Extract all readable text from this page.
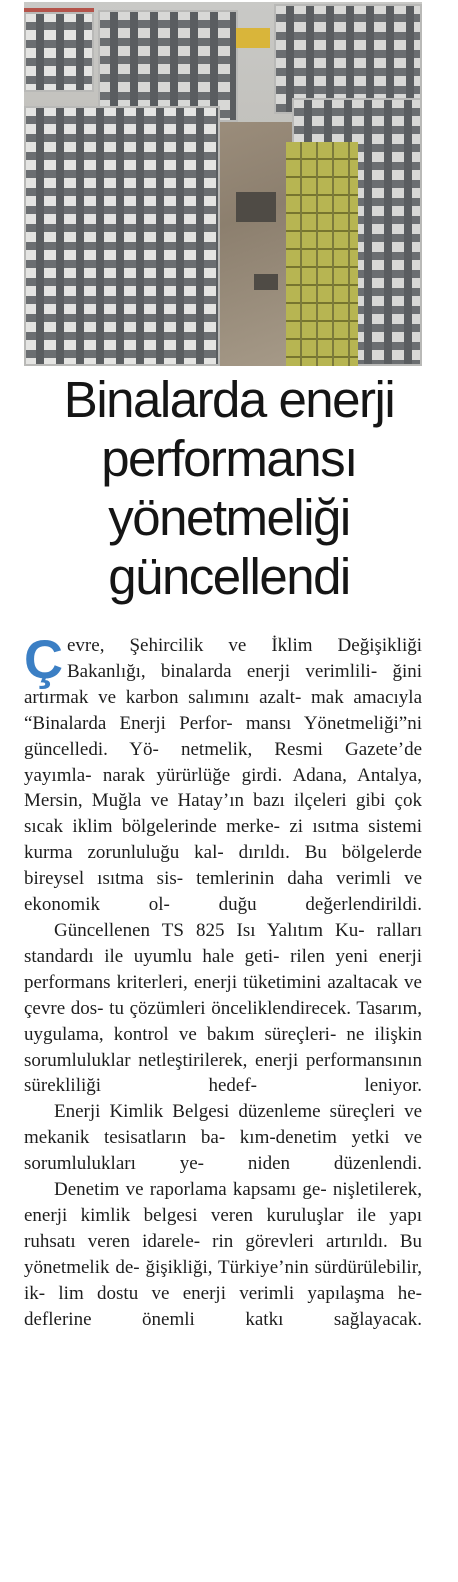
Binalarda enerji
performansı
yönetmeliği
güncellendi

Çevre, Şehircilik ve İklim Değişikliği Bakanlığı, binalarda enerji verimlili- ğini artırmak ve karbon salımını azalt- mak amacıyla “Binalarda Enerji Perfor- mansı Yönetmeliği”ni güncelledi. Yö- netmelik, Resmi Gazete’de yayımla- narak yürürlüğe girdi. Adana, Antalya, Mersin, Muğla ve Hatay’ın bazı ilçeleri gibi çok sıcak iklim bölgelerinde merke- zi ısıtma sistemi kurma zorunluluğu kal- dırıldı. Bu bölgelerde bireysel ısıtma sis- temlerinin daha verimli ve ekonomik ol-	duğu değerlendirildi.

Güncellenen TS 825 Isı Yalıtım Ku- ralları standardı ile uyumlu hale geti- rilen yeni enerji performans kriterleri, enerji tüketimini azaltacak ve çevre dos- tu çözümleri önceliklendirecek. Tasarım, uygulama, kontrol ve bakım süreçleri- ne ilişkin sorumluluklar netleştirilerek, enerji performansının sürekliliği hedef-	leniyor.

Enerji Kimlik Belgesi düzenleme süreçleri ve mekanik tesisatların ba- kım-denetim yetki ve sorumlulukları ye- niden düzenlendi.

Denetim ve raporlama kapsamı ge- nişletilerek, enerji kimlik belgesi veren kuruluşlar ile yapı ruhsatı veren idarele- rin görevleri artırıldı. Bu yönetmelik de- ğişikliği, Türkiye’nin sürdürülebilir, ik- lim dostu ve enerji verimli yapılaşma he- deflerine önemli katkı sağlayacak.
